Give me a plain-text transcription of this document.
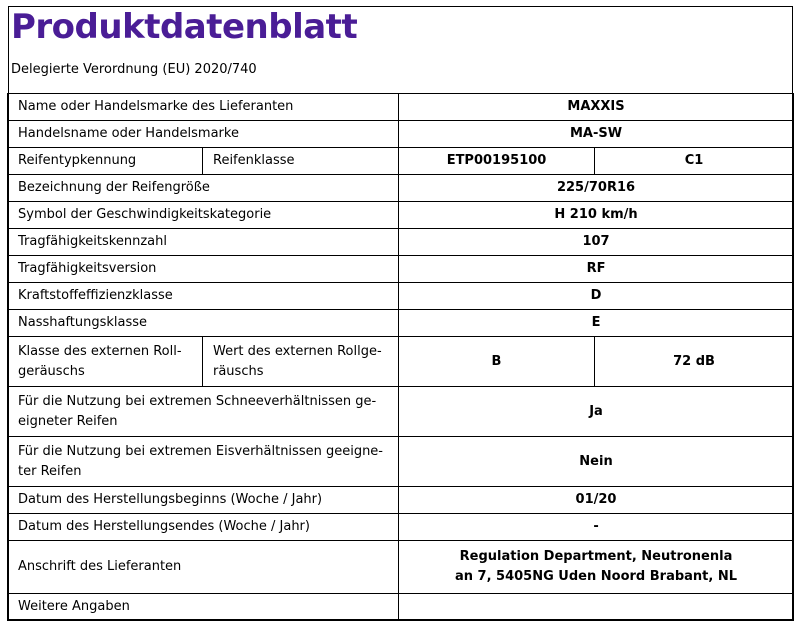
Produktdatenblatt
Delegierte Verordnung (EU) 2020/740
Name oder Handelsmarke des Lieferanten		MAXXIS	
Handelsname oder Handelsmarke		MA-SW	
Reifentypkennung	Reifenklasse	ETP00195100	C1
Bezeichnung der Reifengröße		225/70R16	
Symbol der Geschwindigkeitskategorie		H 210 km/h	
Tragfähigkeitskennzahl		107	
Tragfähigkeitsversion		RF	
Kraftstoffeffizienzklasse		D	
Nasshaftungsklasse		E	
Klasse des externen Roll-geräuschs	Wert des externen Rollge-räuschs	B	72 dB
Für die Nutzung bei extremen Schneeverhältnissen ge-eigneter Reifen		Ja	
Für die Nutzung bei extremen Eisverhältnissen geeigne-ter Reifen		Nein	
Datum des Herstellungsbeginns (Woche / Jahr)		01/20	
Datum des Herstellungsendes (Woche / Jahr)		-	
Anschrift des Lieferanten		Regulation Department, Neutronenla
an 7, 5405NG Uden Noord Brabant, NL	

Weitere Angaben			
